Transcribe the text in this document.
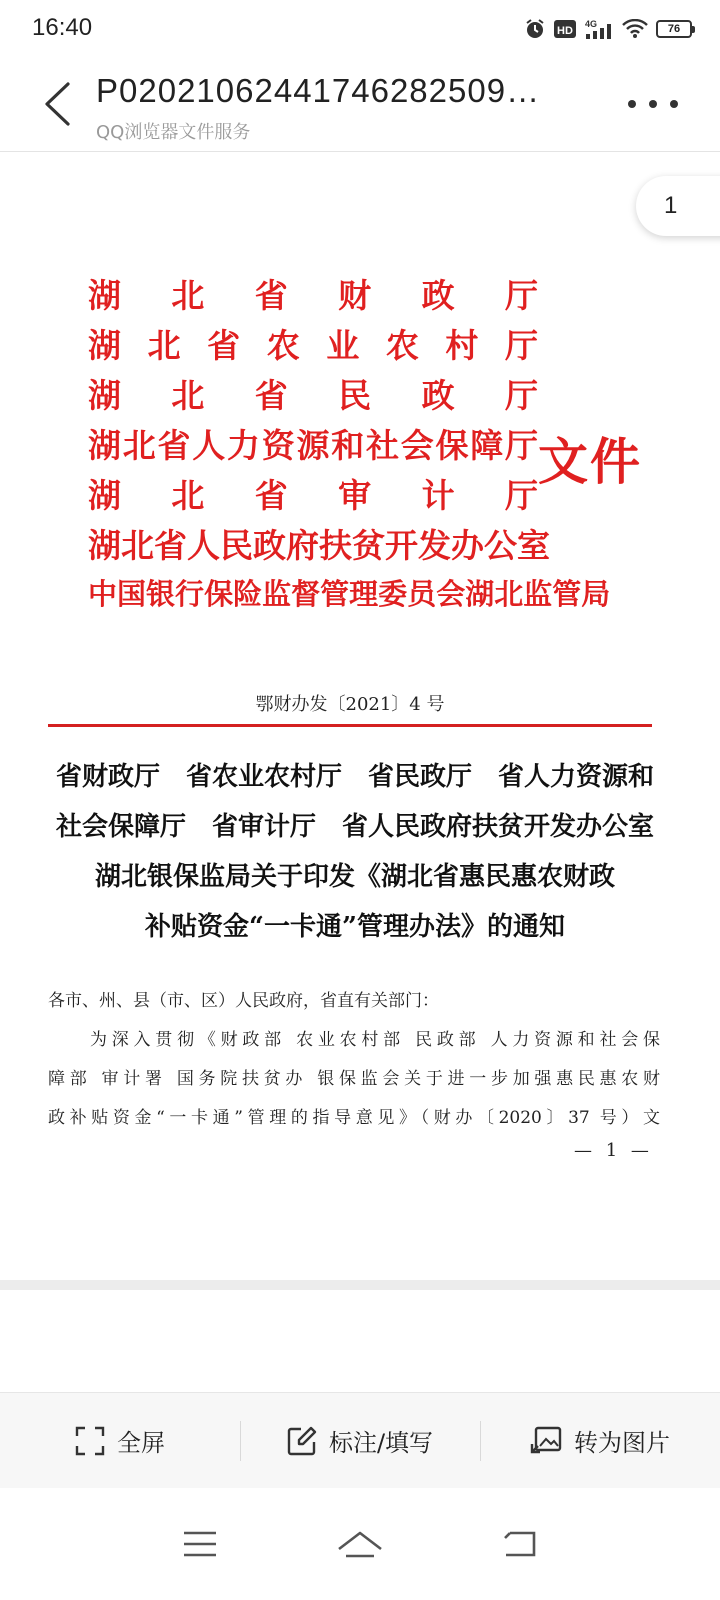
16:40	HD
4G	76
P02021062441746282509…
QQ浏览器文件服务
湖 北 省 财 政 厅
湖 北 省 农 业 农 村 厅
湖 北 省 民 政 厅
湖 北 省 人 力 资 源 和 社 会 保 障 厅
湖 北 省 审 计 厅
湖 北 省 人 民 政 府 扶 贫 开 发 办 公 室
中 国 银 行 保 险 监 督 管 理 委 员 会 湖 北 监 管 局
文件
鄂财办发〔2021〕4 号
省财政厅　省农业农村厅　省民政厅　省人力资源和
社会保障厅　省审计厅　省人民政府扶贫开发办公室
湖北银保监局关于印发《湖北省惠民惠农财政
补贴资金“一卡通”管理办法》的通知

各市、州、县（市、区）人民政府，省直有关部门：

为深入贯彻《财政部 农业农村部 民政部 人力资源和社会保

障部 审计署 国务院扶贫办 银保监会关于进一步加强惠民惠农财

政补贴资金“一卡通”管理的指导意见》（财办〔2020〕37 号）文

— 1 —
1
全屏	标注/填写	转为图片
